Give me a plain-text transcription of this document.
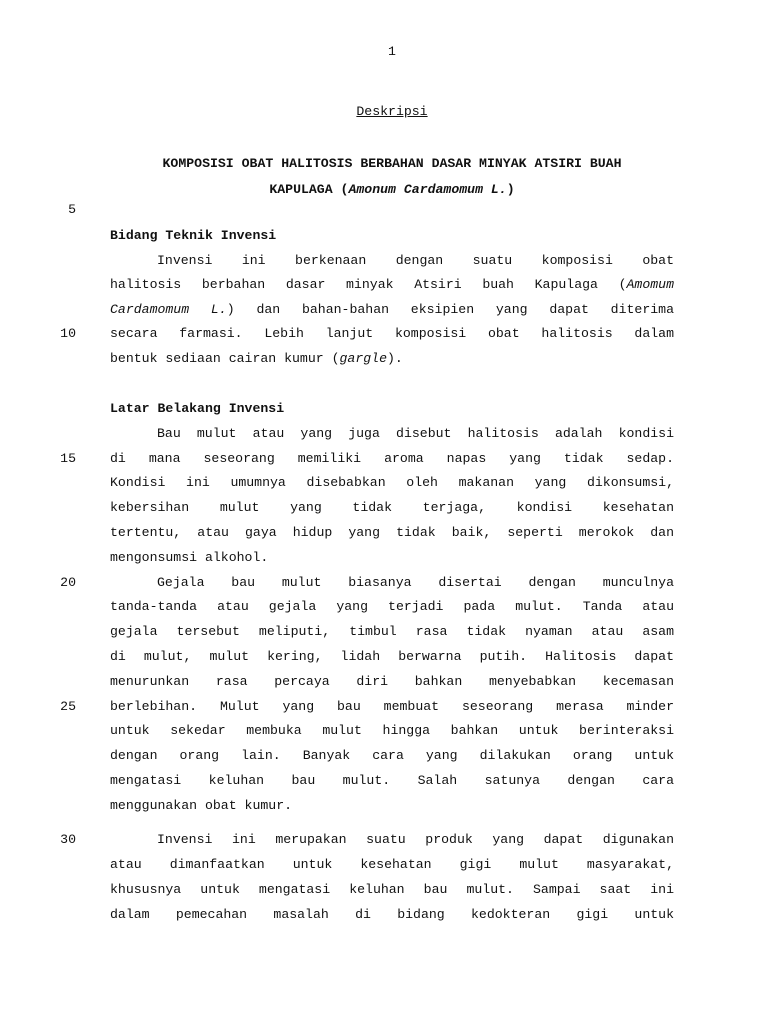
1
Deskripsi
KOMPOSISI OBAT HALITOSIS BERBAHAN DASAR MINYAK ATSIRI BUAH
KAPULAGA (Amonum Cardamomum L.)
5
10
15
20
25
30
Bidang Teknik Invensi
Invensi ini berkenaan dengan suatu komposisi obat
halitosis berbahan dasar minyak Atsiri buah Kapulaga (Amomum
Cardamomum L.) dan bahan-bahan eksipien yang dapat diterima
secara farmasi. Lebih lanjut komposisi obat halitosis dalam
bentuk sediaan cairan kumur (gargle).
Latar Belakang Invensi
Bau mulut atau yang juga disebut halitosis adalah kondisi
di mana seseorang memiliki aroma napas yang tidak sedap.
Kondisi ini umumnya disebabkan oleh makanan yang dikonsumsi,
kebersihan mulut yang tidak terjaga, kondisi kesehatan
tertentu, atau gaya hidup yang tidak baik, seperti merokok dan
mengonsumsi alkohol.
Gejala bau mulut biasanya disertai dengan munculnya
tanda-tanda atau gejala yang terjadi pada mulut. Tanda atau
gejala tersebut meliputi, timbul rasa tidak nyaman atau asam
di mulut, mulut kering, lidah berwarna putih. Halitosis dapat
menurunkan rasa percaya diri bahkan menyebabkan kecemasan
berlebihan. Mulut yang bau membuat seseorang merasa minder
untuk sekedar membuka mulut hingga bahkan untuk berinteraksi
dengan orang lain. Banyak cara yang dilakukan orang untuk
mengatasi keluhan bau mulut. Salah satunya dengan cara
menggunakan obat kumur.
Invensi ini merupakan suatu produk yang dapat digunakan
atau dimanfaatkan untuk kesehatan gigi mulut masyarakat,
khususnya untuk mengatasi keluhan bau mulut. Sampai saat ini
dalam pemecahan masalah di bidang kedokteran gigi untuk
